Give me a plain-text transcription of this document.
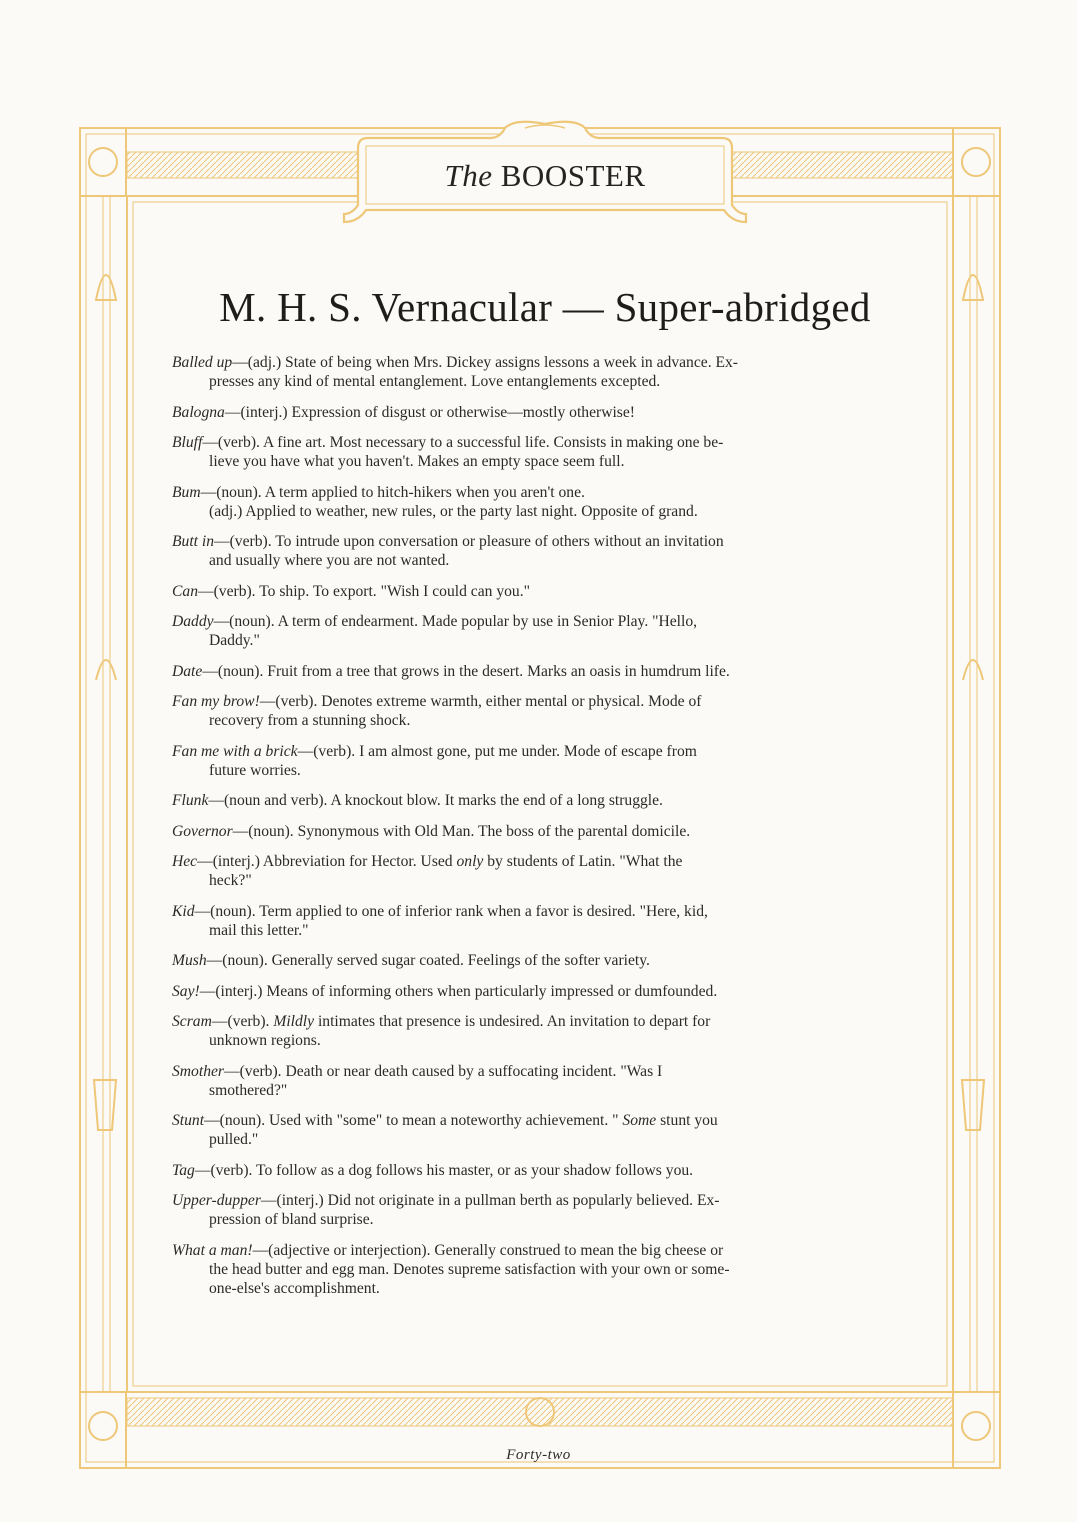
The BOOSTER
M. H. S. Vernacular — Super-abridged
Balled up—(adj.) State of being when Mrs. Dickey assigns lessons a week in advance. Ex-
presses any kind of mental entanglement. Love entanglements excepted.
Balogna—(interj.) Expression of disgust or otherwise—mostly otherwise!
Bluff—(verb). A fine art. Most necessary to a successful life. Consists in making one be-
lieve you have what you haven't. Makes an empty space seem full.
Bum—(noun). A term applied to hitch-hikers when you aren't one.
(adj.) Applied to weather, new rules, or the party last night. Opposite of grand.
Butt in—(verb). To intrude upon conversation or pleasure of others without an invitation
and usually where you are not wanted.
Can—(verb). To ship. To export. "Wish I could can you."
Daddy—(noun). A term of endearment. Made popular by use in Senior Play. "Hello,
Daddy."
Date—(noun). Fruit from a tree that grows in the desert. Marks an oasis in humdrum life.
Fan my brow!—(verb). Denotes extreme warmth, either mental or physical. Mode of
recovery from a stunning shock.
Fan me with a brick—(verb). I am almost gone, put me under. Mode of escape from
future worries.
Flunk—(noun and verb). A knockout blow. It marks the end of a long struggle.
Governor—(noun). Synonymous with Old Man. The boss of the parental domicile.
Hec—(interj.) Abbreviation for Hector. Used only by students of Latin. "What the
heck?"
Kid—(noun). Term applied to one of inferior rank when a favor is desired. "Here, kid,
mail this letter."
Mush—(noun). Generally served sugar coated. Feelings of the softer variety.
Say!—(interj.) Means of informing others when particularly impressed or dumfounded.
Scram—(verb). Mildly intimates that presence is undesired. An invitation to depart for
unknown regions.
Smother—(verb). Death or near death caused by a suffocating incident. "Was I
smothered?"
Stunt—(noun). Used with "some" to mean a noteworthy achievement. " Some stunt you
pulled."
Tag—(verb). To follow as a dog follows his master, or as your shadow follows you.
Upper-dupper—(interj.) Did not originate in a pullman berth as popularly believed. Ex-
pression of bland surprise.
What a man!—(adjective or interjection). Generally construed to mean the big cheese or
the head butter and egg man. Denotes supreme satisfaction with your own or some-
one-else's accomplishment.
Forty-two
